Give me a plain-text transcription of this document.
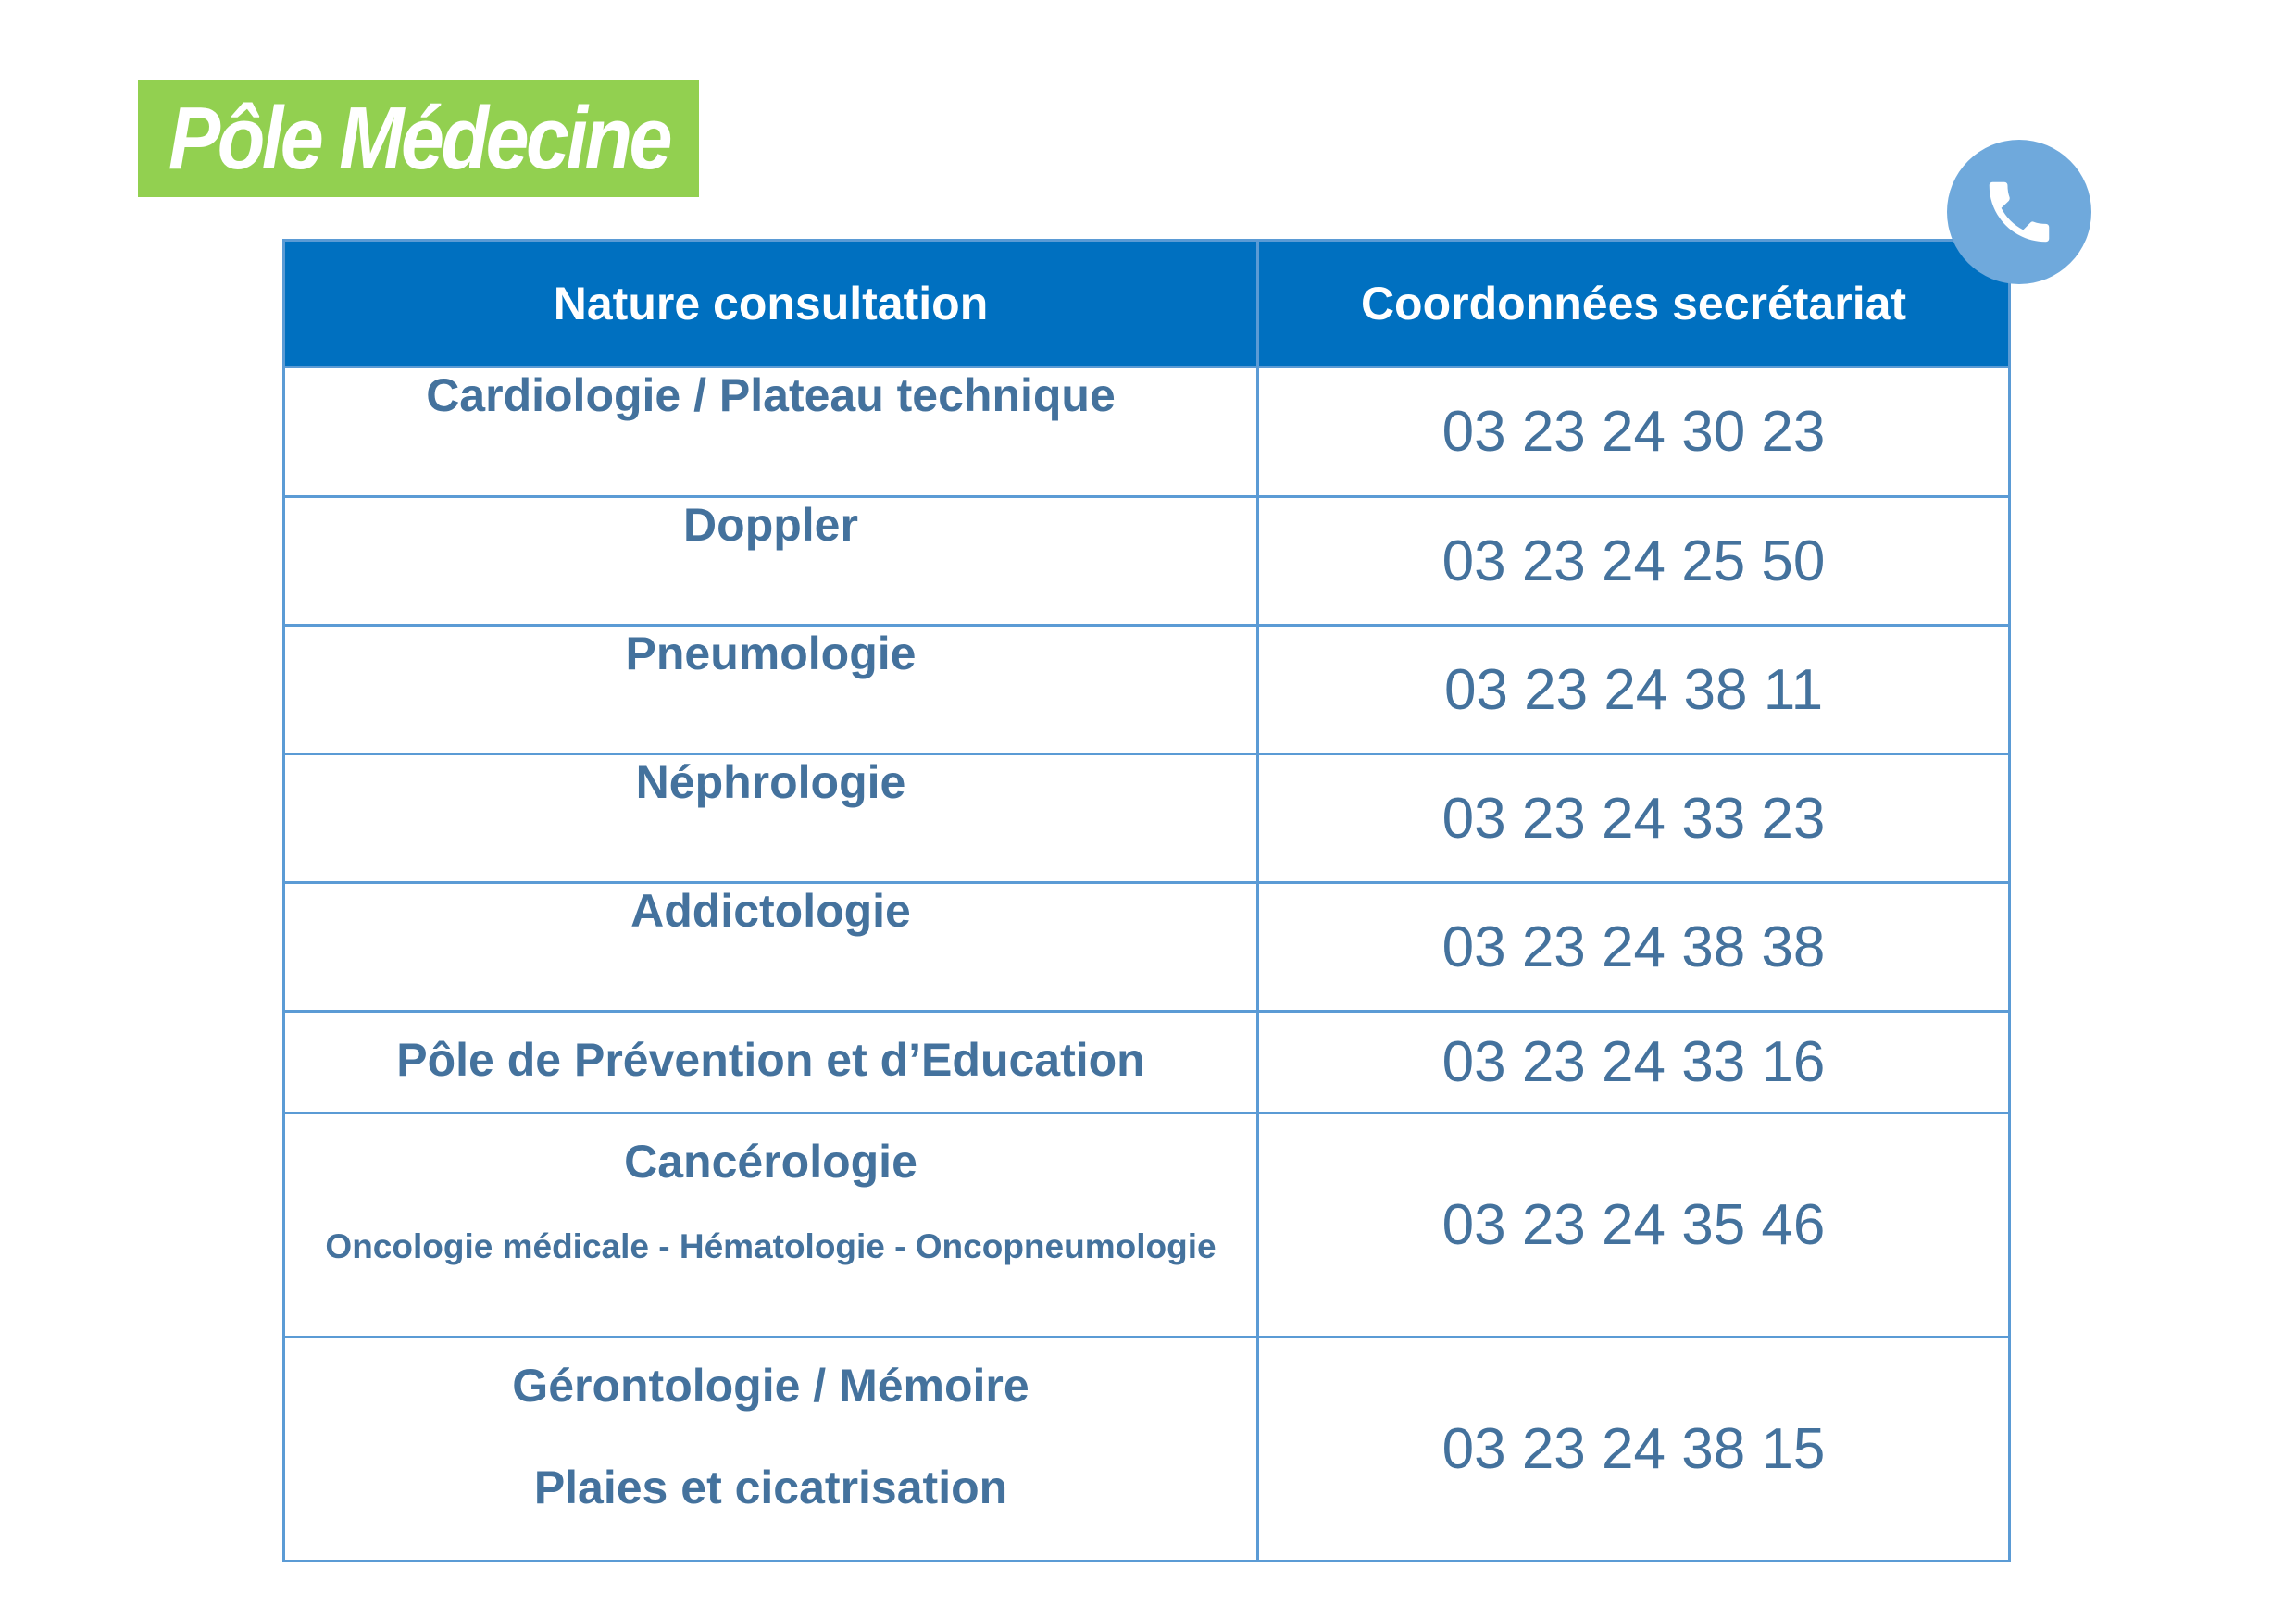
Pôle Médecine
Nature consultation	Coordonnées secrétariat

Cardiologie / Plateau technique	03 23 24 30 23

Doppler	03 23 24 25 50

Pneumologie	03 23 24 38 11

Néphrologie	03 23 24 33 23

Addictologie	03 23 24 38 38

Pôle de Prévention et d’Education	03 23 24 33 16

Cancérologie
Oncologie médicale - Hématologie - Oncopneumologie	03 23 24 35 46

Gérontologie / Mémoire
Plaies et cicatrisation	03 23 24 38 15
